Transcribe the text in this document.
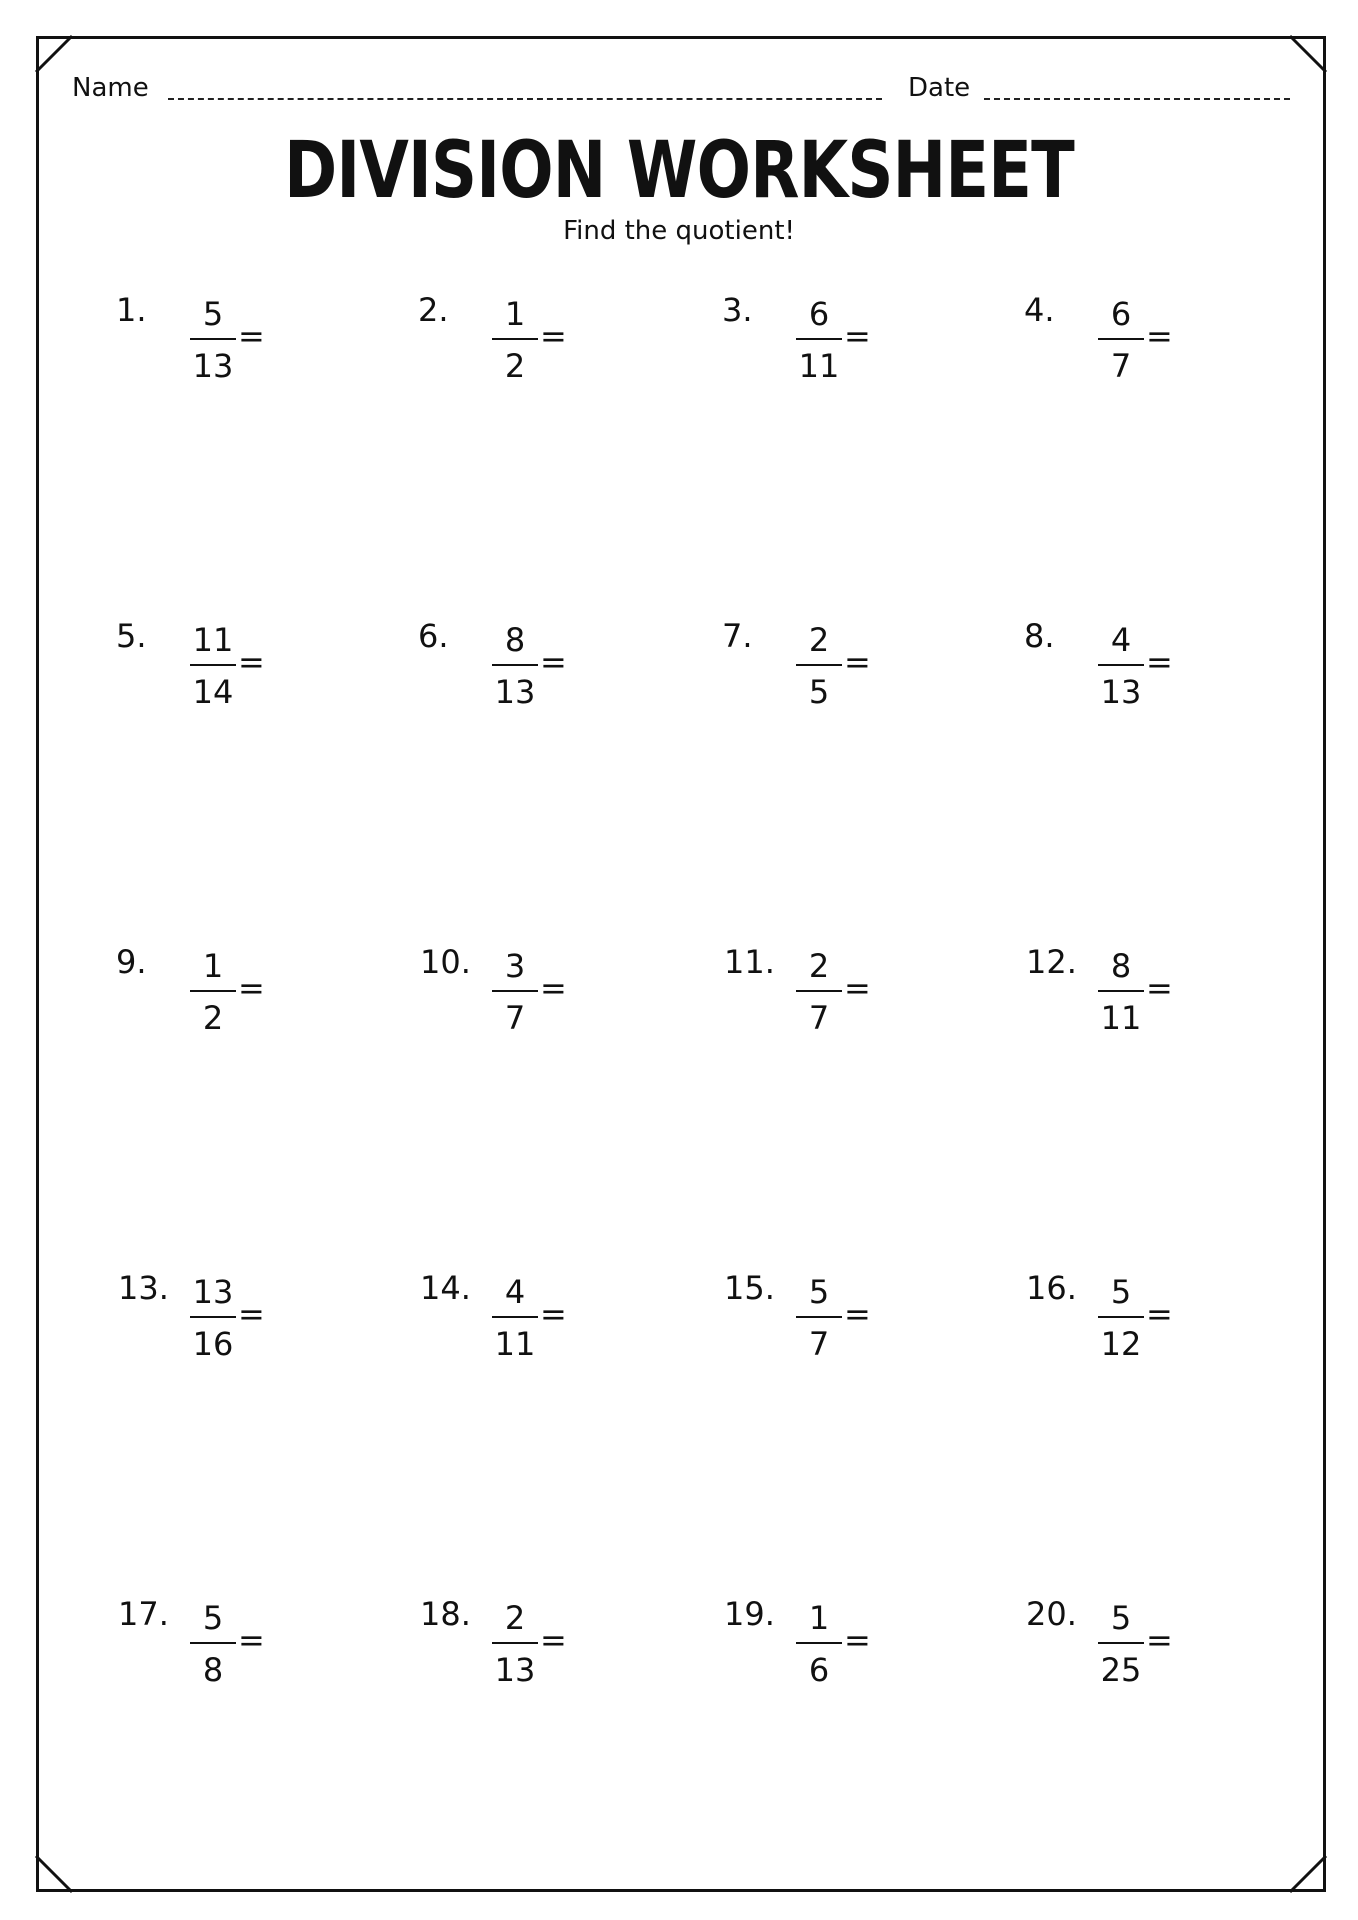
Name	Date
DIVISION WORKSHEET
Find the quotient!
1.	5
13
=
2.	1
2
=
3.	6
11
=
4.	6
7
=
5. 11
14
=
6.	8
13
=
7.	2
5
=
8.	4
13
=
9.	1
2
=
10.	3
7
=
11.	2
7
=
12.	8
11
=
13. 13
16
=
14.	4
11
=
15.	5
7
=
16.	5
12
=
17.	5
8
=
18.	2
13
=
19.	1
6
=
20.	5
25
=
